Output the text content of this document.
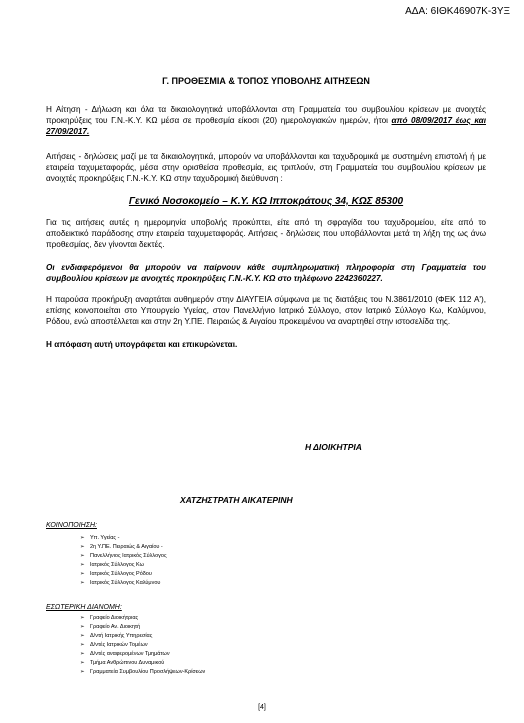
ΑΔΑ: 6ΙΘΚ46907Κ-3ΥΞ
Γ. ΠΡΟΘΕΣΜΙΑ & ΤΟΠΟΣ ΥΠΟΒΟΛΗΣ ΑΙΤΗΣΕΩΝ

Η Αίτηση - Δήλωση και όλα τα δικαιολογητικά υποβάλλονται στη Γραμματεία του συμβουλίου κρίσεων με ανοιχτές προκηρύξεις του Γ.Ν.-Κ.Υ. ΚΩ μέσα σε προθεσμία είκοσι (20) ημερολογιακών ημερών, ήτοι από 08/09/2017 έως και 27/09/2017.

Αιτήσεις - δηλώσεις μαζί με τα δικαιολογητικά, μπορούν να υποβάλλονται και ταχυδρομικά με συστημένη επιστολή ή με εταιρεία ταχυμεταφοράς, μέσα στην ορισθείσα προθεσμία, εις τριπλούν, στη Γραμματεία του συμβουλίου κρίσεων με ανοιχτές προκηρύξεις Γ.Ν.-Κ.Υ. ΚΩ στην ταχυδρομική διεύθυνση :

Γενικό Νοσοκομείο – Κ.Υ. ΚΩ Ιπποκράτους 34, ΚΩΣ 85300

Για τις αιτήσεις αυτές η ημερομηνία υποβολής προκύπτει, είτε από τη σφραγίδα του ταχυδρομείου, είτε από το αποδεικτικό παράδοσης στην εταιρεία ταχυμεταφοράς. Αιτήσεις - δηλώσεις που υποβάλλονται μετά τη λήξη της ως άνω προθεσμίας, δεν γίνονται δεκτές.

Οι ενδιαφερόμενοι θα μπορούν να παίρνουν κάθε συμπληρωματική πληροφορία στη Γραμματεία του συμβουλίου κρίσεων με ανοιχτές προκηρύξεις Γ.Ν.-Κ.Υ. ΚΩ στο τηλέφωνο 2242360227.

Η παρούσα προκήρυξη αναρτάται αυθημερόν στην ΔΙΑΥΓΕΙΑ σύμφωνα με τις διατάξεις του Ν.3861/2010 (ΦΕΚ 112 Α'), επίσης κοινοποιείται στο Υπουργείο Υγείας, στον Πανελλήνιο Ιατρικό Σύλλογο, στον Ιατρικό Σύλλογο Κω, Καλύμνου, Ρόδου, ενώ αποστέλλεται και στην 2η Υ.ΠΕ. Πειραιώς & Αιγαίου προκειμένου να αναρτηθεί στην ιστοσελίδα της.

Η απόφαση αυτή υπογράφεται και επικυρώνεται.

Η ΔΙΟΙΚΗΤΡΙΑ
ΧΑΤΖΗΣΤΡΑΤΗ ΑΙΚΑΤΕΡΙΝΗ
ΚΟΙΝΟΠΟΙΗΣΗ:
➢ Υπ. Υγείας -
➢ 2η Υ.ΠΕ. Πειραιώς & Αιγαίου -
➢ Πανελλήνιος Ιατρικός Σύλλογος
➢ Ιατρικός Σύλλογος Κω
➢ Ιατρικός Σύλλογος Ρόδου
➢ Ιατρικός Σύλλογος Καλύμνου
ΕΣΩΤΕΡΙΚΗ ΔΙΑΝΟΜΗ:
➢ Γραφείο Διοικήτριας
➢ Γραφείο Αν. Διοικητή
➢ Δ/ντή Ιατρικής Υπηρεσίας
➢ Δ/ντές Ιατρικών Τομέων
➢ Δ/ντές αναφερομένων Τμημάτων
➢ Τμήμα Ανθρώπινου Δυναμικού
➢ Γραμματεία Συμβουλίου Προσλήψεων-Κρίσεων
[4]
